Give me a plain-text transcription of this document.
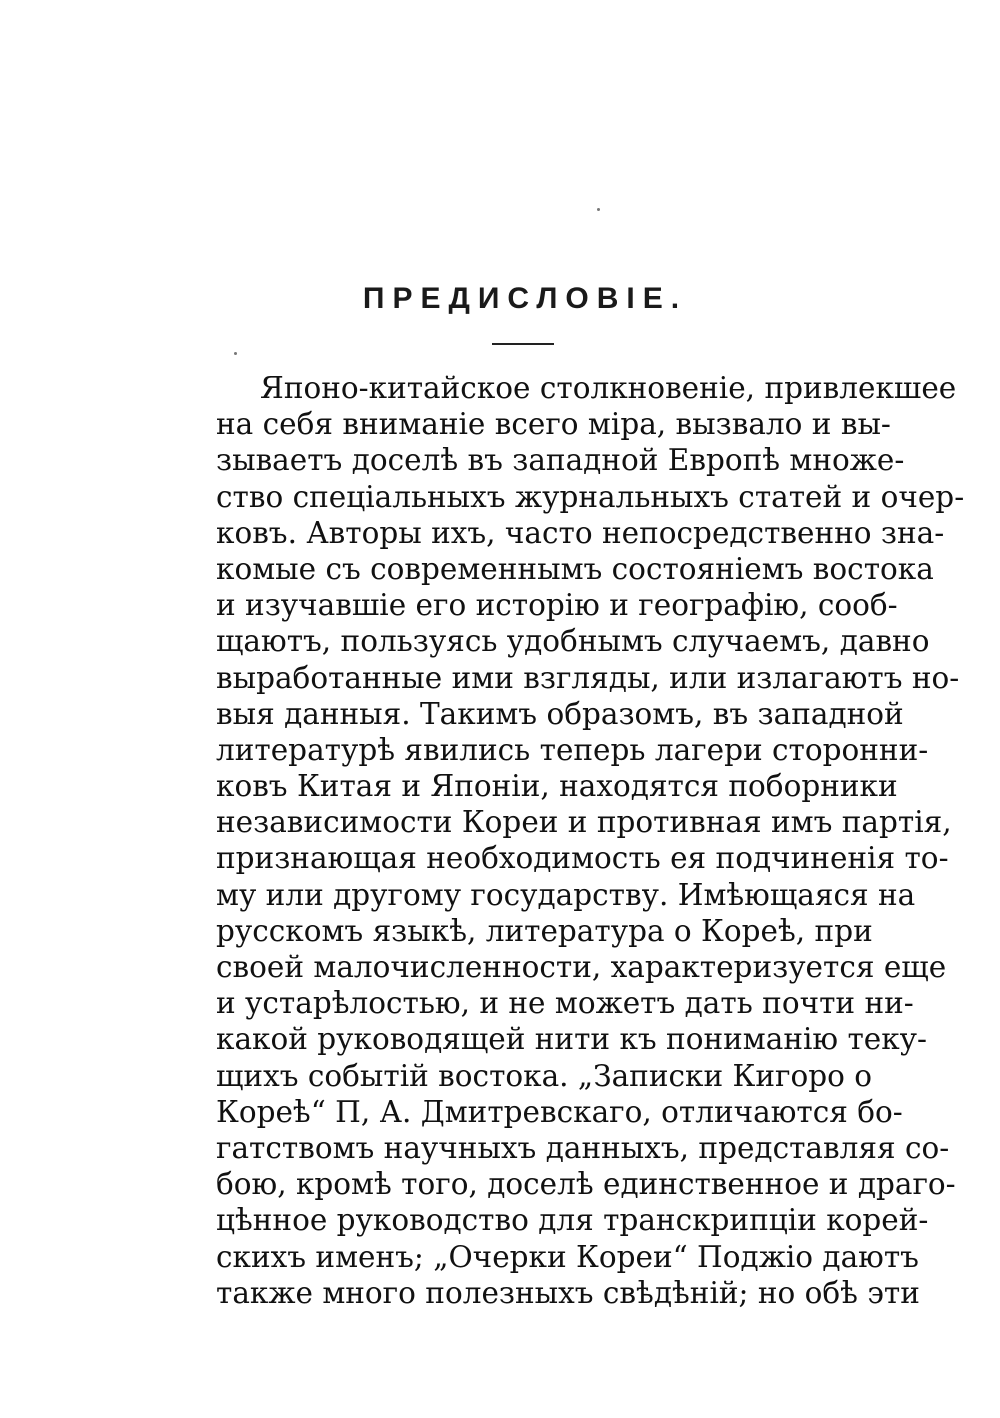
ПРЕДИСЛОВІЕ.
Японо-китайское столкновеніе, привлекшее
на себя вниманіе всего міра, вызвало и вы-
зываетъ доселѣ въ западной Европѣ множе-
ство спеціальныхъ журнальныхъ статей и очер-
ковъ. Авторы ихъ, часто непосредственно зна-
комые съ современнымъ состояніемъ востока
и изучавшіе его исторію и географію, сооб-
щаютъ, пользуясь удобнымъ случаемъ, давно
выработанные ими взгляды, или излагаютъ но-
выя данныя. Такимъ образомъ, въ западной
литературѣ явились теперь лагери сторонни-
ковъ Китая и Японіи, находятся поборники
независимости Кореи и противная имъ партія,
признающая необходимость ея подчиненія то-
му или другому государству. Имѣющаяся на
русскомъ языкѣ, литература о Кореѣ, при
своей малочисленности, характеризуется еще
и устарѣлостью, и не можетъ дать почти ни-
какой руководящей нити къ пониманію теку-
щихъ событій востока. „Записки Кигоро о
Кореѣ“ П, А. Дмитревскаго, отличаются бо-
гатствомъ научныхъ данныхъ, представляя со-
бою, кромѣ того, доселѣ единственное и драго-
цѣнное руководство для транскрипціи корей-
скихъ именъ; „Очерки Кореи“ Поджіо даютъ
также много полезныхъ свѣдѣній; но обѣ эти
